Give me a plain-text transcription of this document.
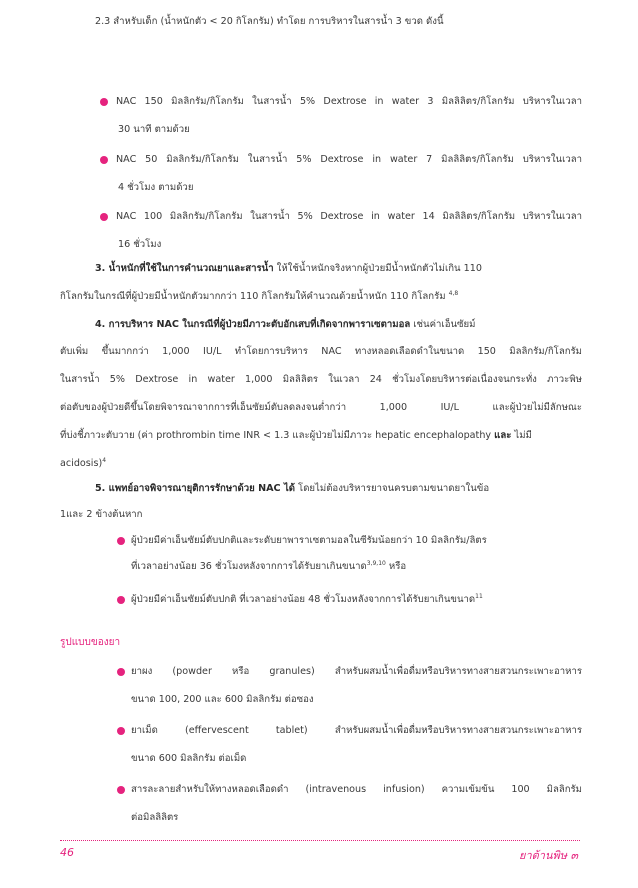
2.3 สำหรับเด็ก (น้ำหนักตัว < 20 กิโลกรัม) ทำโดย การบริหารในสารน้ำ 3 ขวด ดังนี้
NAC 150 มิลลิกรัม/กิโลกรัม ในสารน้ำ 5% Dextrose in water 3 มิลลิลิตร/กิโลกรัม บริหารในเวลา
30 นาที ตามด้วย
NAC 50 มิลลิกรัม/กิโลกรัม ในสารน้ำ 5% Dextrose in water 7 มิลลิลิตร/กิโลกรัม บริหารในเวลา
4 ชั่วโมง ตามด้วย
NAC 100 มิลลิกรัม/กิโลกรัม ในสารน้ำ 5% Dextrose in water 14 มิลลิลิตร/กิโลกรัม บริหารในเวลา
16 ชั่วโมง
3. น้ำหนักที่ใช้ในการคำนวณยาและสารน้ำ ให้ใช้น้ำหนักจริงหากผู้ป่วยมีน้ำหนักตัวไม่เกิน 110
กิโลกรัมในกรณีที่ผู้ป่วยมีน้ำหนักตัวมากกว่า 110 กิโลกรัมให้คำนวณด้วยน้ำหนัก 110 กิโลกรัม $^{4,8}$
4. การบริหาร NAC ในกรณีที่ผู้ป่วยมีภาวะตับอักเสบที่เกิดจากพาราเซตามอล เช่นค่าเอ็นซัยม์
ตับเพิ่ม ขึ้นมากกว่า 1,000 IU/L ทำโดยการบริหาร NAC ทางหลอดเลือดดำในขนาด 150 มิลลิกรัม/กิโลกรัม
ในสารน้ำ 5% Dextrose in water 1,000 มิลลิลิตร ในเวลา 24 ชั่วโมงโดยบริหารต่อเนื่องจนกระทั่ง ภาวะพิษ
ต่อตับของผู้ป่วยดีขึ้นโดยพิจารณาจากการที่เอ็นซัยม์ตับลดลงจนต่ำกว่า 1,000 IU/L และผู้ป่วยไม่มีลักษณะ
ที่บ่งชี้ภาวะตับวาย (ค่า prothrombin time INR < 1.3 และผู้ป่วยไม่มีภาวะ hepatic encephalopathy และ ไม่มี
acidosis)$^4$
5. แพทย์อาจพิจารณายุติการรักษาด้วย NAC ได้ โดยไม่ต้องบริหารยาจนครบตามขนาดยาในข้อ
1และ 2 ข้างต้นหาก
ผู้ป่วยมีค่าเอ็นซัยม์ตับปกติและระดับยาพาราเซตามอลในซีรัมน้อยกว่า 10 มิลลิกรัม/ลิตร
ที่เวลาอย่างน้อย 36 ชั่วโมงหลังจากการได้รับยาเกินขนาด$^{3,9,10}$ หรือ
ผู้ป่วยมีค่าเอ็นซัยม์ตับปกติ ที่เวลาอย่างน้อย 48 ชั่วโมงหลังจากการได้รับยาเกินขนาด$^{11}$
รูปแบบของยา
ยาผง (powder หรือ granules) สำหรับผสมน้ำเพื่อดื่มหรือบริหารทางสายสวนกระเพาะอาหาร
ขนาด 100, 200 และ 600 มิลลิกรัม ต่อซอง
ยาเม็ด (effervescent tablet) สำหรับผสมน้ำเพื่อดื่มหรือบริหารทางสายสวนกระเพาะอาหาร
ขนาด 600 มิลลิกรัม ต่อเม็ด
สารละลายสำหรับให้ทางหลอดเลือดดำ (intravenous infusion) ความเข้มข้น 100 มิลลิกรัม
ต่อมิลลิลิตร
46	ยาต้านพิษ ๓
